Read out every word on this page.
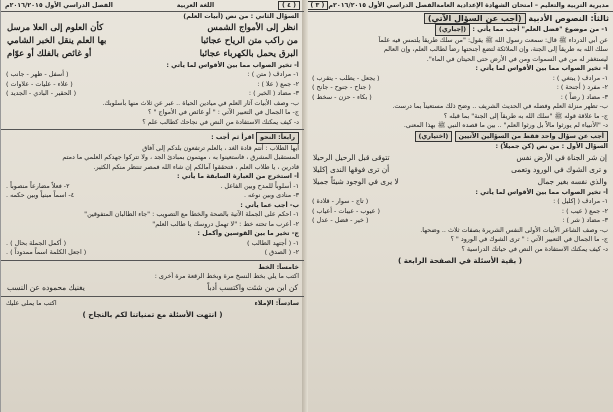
مديرية التربية والتعليم – امتحان الشهادة الإعدادية العامة
الفصل الدراسي الأول ٢٠١٦/٢٠١٥م
( ٣ )
ثالثاً: النصوص الأدبية (أجب عن السؤال الآتي)
١- من موضوع "فضل العلم" أجب مما يأتي : (إجباري)

عن أبي الدرداء ﷺ قال: سمعت رسول الله ﷺ يقول: "من سلك طريقاً يلتمس فيه علماً

سلك الله به طريقاً إلى الجنة، وإن الملائكة لتضع أجنحتها رضاً لطالب العلم، وإن العالم

ليستغفر له من في السموات ومن في الأرض حتى الحيتان في الماء".

أ- تخير الصواب مما بين الأقواس لما يأتي :

١- مرادف ( يبتغي ) :
( يجعل - يطلب - يتقرب )
٢- مفرد ( أجنحة ) :
( جناح - جنوح - جانح )
٣- مضاد ( رضاً ) :
( بكاء - حزن - سخط )

ب- تظهر منزلة العلم وفضله في الحديث الشريف .. وضح ذلك مستعيناً بما درست.

ج- ما علاقة قوله ﷺ "سلك الله به طريقاً إلى الجنة" بما قبله ؟

د- "الأنبياء لم يورثوا مالاً بل ورثوا العلم" .. بين ما قصده النبي ﷺ بهذا المعنى.

أجب عن سؤال واحد فقط من السؤالين الآتيين (اختياري)

السؤال الأول : من نص (كن جميلاً) :

إن شر الجناة في الأرض نفس
تتوقى قبل الرحيل الرحيلا
و ترى الشوك في الورود وتعمى
أن ترى فوقها الندى إكليلا
والذي نفسه بغير جمال
لا يرى في الوجود شيئاً جميلا

أ- تخير الصواب مما بين الأقواس لما يأتي :

١- مرادف ( إكليل ) :
( تاج - سوار - قلادة )
٢- جمع ( عيب ) :
( عيوب - عيبات - أعياب )
٣- مضاد ( شر ) :
( خير - فضل - عدل )

ب- وصف الشاعر الأبيات الأولى النفس الشريرة بصفات ثلاث .. وضحها.

ج- ما الجمال في التعبير الآتي : " ترى الشوك في الورود " ؟

د- كيف يمكنك الاستفادة من النص في حياتك الدراسية ؟

( بقية الأسئلة في الصفحة الرابعة )
( ٤ )
اللغة العربية
الفصل الدراسي الأول ٢٠١٦/٢٠١٥م

السؤال الثاني : من نص (أبيات العلم)

انظر إلى الأمواج الشمس
كأن العلوم إلى العلا مرسل
من راكب متن الرياح عجائبا
بها العلم ينقل الخبر الشامي
البرق يحمل بالكهرباء عجائبا
أو غائص بالفلك أو عوّام

أ- تخير الصواب مما بين الأقواس لما يأتي :

١- مرادف ( متن ) :
( أسفل - ظهر - جانب )
٢- جمع ( علا ) :
( علاء - عليات - علاوات )
٣- مضاد ( الخبر ) :
( الحقير - البادي - الجديد )

ب- وصف الأبيات آثار العلم في ميادين الحياة .. عبر عن ثلاث منها بأسلوبك.

ج- ما الجمال في التعبير الآتي : " أو غائص في الأمواج " ؟

د- كيف يمكنك الاستفادة من النص في نجاحك كطالب علم ؟

رابعاً: النحو اقرأ ثم أجب :

أيها الطلاب : أنتم قادة الغد ، بالعلم ترتفعون بلدكم إلى آفاق

المستقبل المشرق ، فاستعينوا به ، مهتمون بمبادئ الجد ، ولا تتركوا جهدكم العلمي ما دمتم

قادرين ، يا طلاب العلم ، فتحققوا آمالكم إن شاء الله فمصر تنتظر منكم الكثير.

أ- استخرج من العبارة السابقة ما يأتي :

١- أسلوباً للمدح وبين الفاعل .
٢- فعلاً مضارعاً منصوباً .
٣- منادى وبين نوعه .
٤- اسماً مبنياً وبين حكمه .

ب- أجب عما يأتي :

١- احكم على الجملة الآتية بالصحة والخطأ مع التصويب : "جاء الطالبان المتفوقين"

٢- أعرب ما تحته خط : "لا تهمل دروسك يا طالب العلم"

ج- تخير ما بين القوسين وأكمل :

١- ( أجتهد الطالب )
( أكمل الجملة بحال ) .
٢- ( الصدق )
( اجعل الكلمة اسماً ممدوداً ) .

خامساً: الخط

اكتب ما يلي بخط النسخ مرة وبخط الرقعة مرة أخرى :

كن ابن من شئت واكتسب أدباً
يغنيك محموده عن النسب
سادساً: الإملاء
اكتب ما يملى عليك
( انتهت الأسئلة مع تمنياتنا لكم بالنجاح )
